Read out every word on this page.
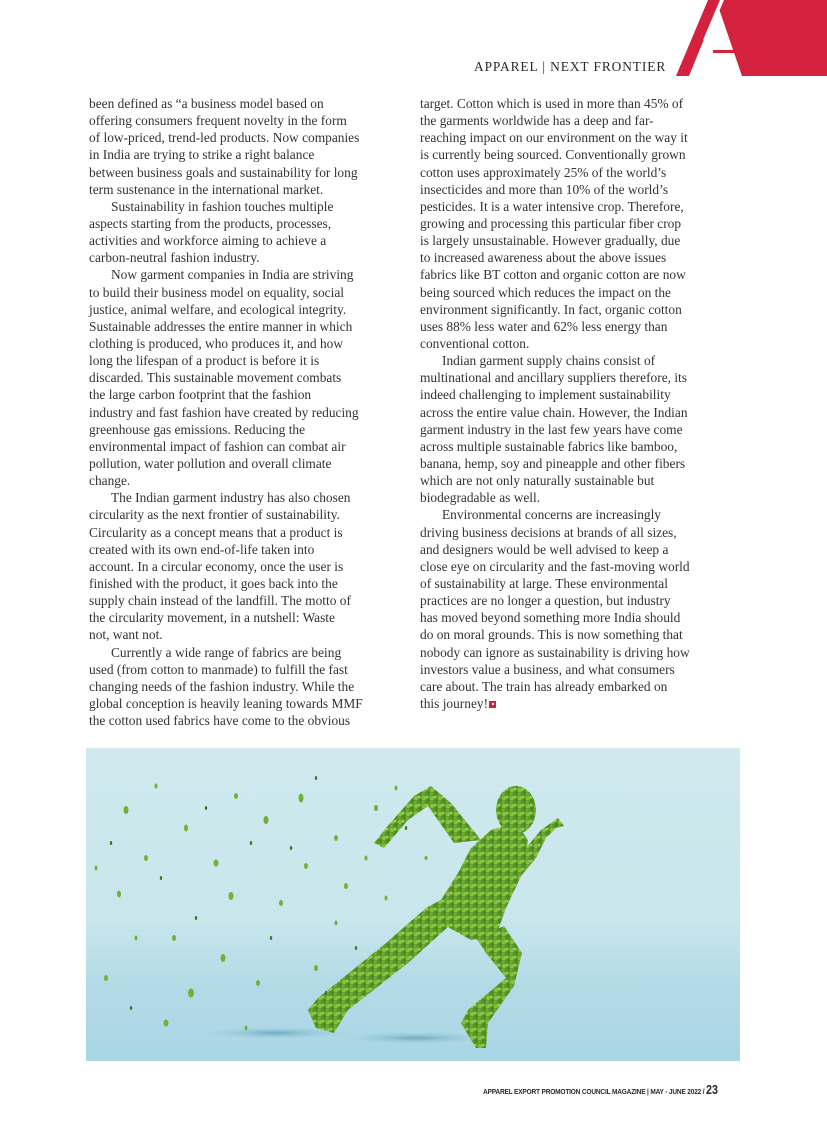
APPAREL | NEXT FRONTIER
been defined as “a business model based on
offering consumers frequent novelty in the form
of low-priced, trend-led products. Now companies
in India are trying to strike a right balance
between business goals and sustainability for long
term sustenance in the international market.
Sustainability in fashion touches multiple
aspects starting from the products, processes,
activities and workforce aiming to achieve a
carbon-neutral fashion industry.
Now garment companies in India are striving
to build their business model on equality, social
justice, animal welfare, and ecological integrity.
Sustainable addresses the entire manner in which
clothing is produced, who produces it, and how
long the lifespan of a product is before it is
discarded. This sustainable movement combats
the large carbon footprint that the fashion
industry and fast fashion have created by reducing
greenhouse gas emissions. Reducing the
environmental impact of fashion can combat air
pollution, water pollution and overall climate
change.
The Indian garment industry has also chosen
circularity as the next frontier of sustainability.
Circularity as a concept means that a product is
created with its own end-of-life taken into
account. In a circular economy, once the user is
finished with the product, it goes back into the
supply chain instead of the landfill. The motto of
the circularity movement, in a nutshell: Waste
not, want not.
Currently a wide range of fabrics are being
used (from cotton to manmade) to fulfill the fast
changing needs of the fashion industry. While the
global conception is heavily leaning towards MMF
the cotton used fabrics have come to the obvious
target. Cotton which is used in more than 45% of
the garments worldwide has a deep and far-
reaching impact on our environment on the way it
is currently being sourced. Conventionally grown
cotton uses approximately 25% of the world’s
insecticides and more than 10% of the world’s
pesticides. It is a water intensive crop. Therefore,
growing and processing this particular fiber crop
is largely unsustainable. However gradually, due
to increased awareness about the above issues
fabrics like BT cotton and organic cotton are now
being sourced which reduces the impact on the
environment significantly. In fact, organic cotton
uses 88% less water and 62% less energy than
conventional cotton.
Indian garment supply chains consist of
multinational and ancillary suppliers therefore, its
indeed challenging to implement sustainability
across the entire value chain. However, the Indian
garment industry in the last few years have come
across multiple sustainable fabrics like bamboo,
banana, hemp, soy and pineapple and other fibers
which are not only naturally sustainable but
biodegradable as well.
Environmental concerns are increasingly
driving business decisions at brands of all sizes,
and designers would be well advised to keep a
close eye on circularity and the fast-moving world
of sustainability at large. These environmental
practices are no longer a question, but industry
has moved beyond something more India should
do on moral grounds. This is now something that
nobody can ignore as sustainability is driving how
investors value a business, and what consumers
care about. The train has already embarked on
this journey!
APPAREL EXPORT PROMOTION COUNCIL MAGAZINE | MAY - JUNE 2022 / 23
